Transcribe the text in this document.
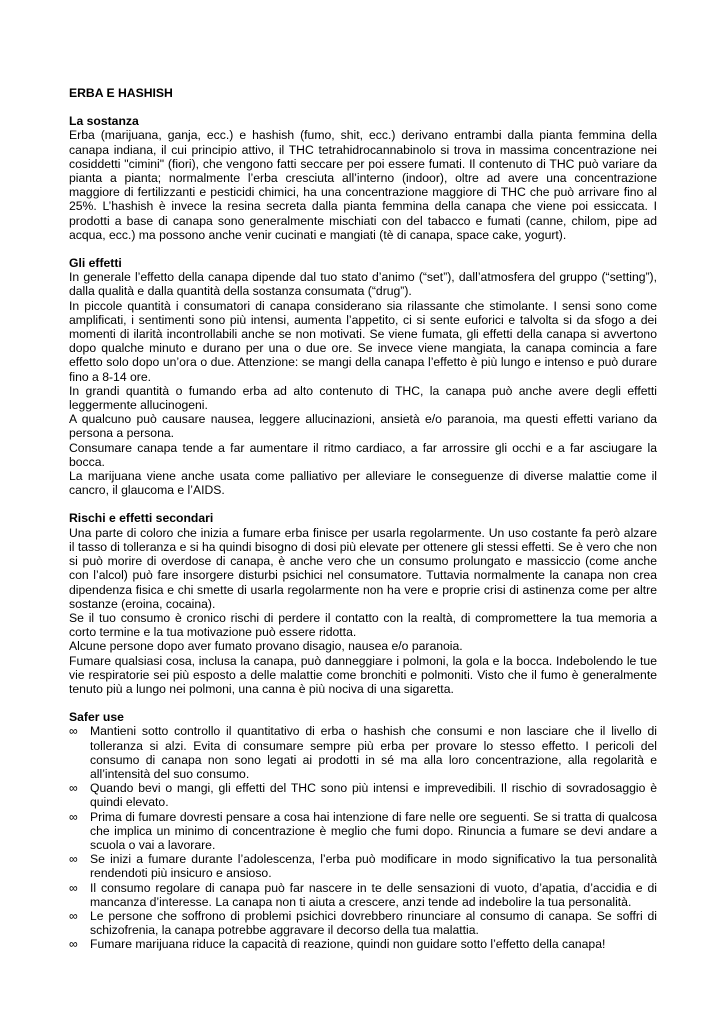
ERBA E HASHISH
La sostanza

Erba (marijuana, ganja, ecc.) e hashish (fumo, shit, ecc.) derivano entrambi dalla pianta femmina della canapa indiana, il cui principio attivo, il THC tetrahidrocannabinolo si trova in massima concentrazione nei cosiddetti "cimini" (fiori), che vengono fatti seccare per poi essere fumati. Il contenuto di THC può variare da pianta a pianta; normalmente l’erba cresciuta all’interno (indoor), oltre ad avere una concentrazione maggiore di fertilizzanti e pesticidi chimici, ha una concentrazione maggiore di THC che può arrivare fino al 25%. L’hashish è invece la resina secreta dalla pianta femmina della canapa che viene poi essiccata. I prodotti a base di canapa sono generalmente mischiati con del tabacco e fumati (canne, chilom, pipe ad acqua, ecc.) ma possono anche venir cucinati e mangiati (tè di canapa, space cake, yogurt).

Gli effetti

In generale l’effetto della canapa dipende dal tuo stato d’animo (“set”), dall’atmosfera del gruppo (“setting”), dalla qualità e dalla quantità della sostanza consumata (“drug”).

In piccole quantità i consumatori di canapa considerano sia rilassante che stimolante. I sensi sono come amplificati, i sentimenti sono più intensi, aumenta l’appetito, ci si sente euforici e talvolta si da sfogo a dei momenti di ilarità incontrollabili anche se non motivati. Se viene fumata, gli effetti della canapa si avvertono dopo qualche minuto e durano per una o due ore. Se invece viene mangiata, la canapa comincia a fare effetto solo dopo un’ora o due. Attenzione: se mangi della canapa l’effetto è più lungo e intenso e può durare fino a 8-14 ore.

In grandi quantità o fumando erba ad alto contenuto di THC, la canapa può anche avere degli effetti leggermente allucinogeni.

A qualcuno può causare nausea, leggere allucinazioni, ansietà e/o paranoia, ma questi effetti variano da persona a persona.

Consumare canapa tende a far aumentare il ritmo cardiaco, a far arrossire gli occhi e a far asciugare la bocca.

La marijuana viene anche usata come palliativo per alleviare le conseguenze di diverse malattie come il cancro, il glaucoma e l’AIDS.

Rischi e effetti secondari

Una parte di coloro che inizia a fumare erba finisce per usarla regolarmente. Un uso costante fa però alzare il tasso di tolleranza e si ha quindi bisogno di dosi più elevate per ottenere gli stessi effetti. Se è vero che non si può morire di overdose di canapa, è anche vero che un consumo prolungato e massiccio (come anche con l’alcol) può fare insorgere disturbi psichici nel consumatore. Tuttavia normalmente la canapa non crea dipendenza fisica e chi smette di usarla regolarmente non ha vere e proprie crisi di astinenza come per altre sostanze (eroina, cocaina).

Se il tuo consumo è cronico rischi di perdere il contatto con la realtà, di compromettere la tua memoria a corto termine e la tua motivazione può essere ridotta.

Alcune persone dopo aver fumato provano disagio, nausea e/o paranoia.

Fumare qualsiasi cosa, inclusa la canapa, può danneggiare i polmoni, la gola e la bocca. Indebolendo le tue vie respiratorie sei più esposto a delle malattie come bronchiti e polmoniti. Visto che il fumo è generalmente tenuto più a lungo nei polmoni, una canna è più nociva di una sigaretta.

Safer use
∞ Mantieni sotto controllo il quantitativo di erba o hashish che consumi e non lasciare che il livello di tolleranza si alzi. Evita di consumare sempre più erba per provare lo stesso effetto. I pericoli del consumo di canapa non sono legati ai prodotti in sé ma alla loro concentrazione, alla regolarità e all’intensità del suo consumo.
∞ Quando bevi o mangi, gli effetti del THC sono più intensi e imprevedibili. Il rischio di sovradosaggio è quindi elevato.
∞ Prima di fumare dovresti pensare a cosa hai intenzione di fare nelle ore seguenti. Se si tratta di qualcosa che implica un minimo di concentrazione è meglio che fumi dopo. Rinuncia a fumare se devi andare a scuola o vai a lavorare.
∞ Se inizi a fumare durante l’adolescenza, l’erba può modificare in modo significativo la tua personalità rendendoti più insicuro e ansioso.
∞ Il consumo regolare di canapa può far nascere in te delle sensazioni di vuoto, d’apatia, d’accidia e di mancanza d’interesse. La canapa non ti aiuta a crescere, anzi tende ad indebolire la tua personalità.
∞ Le persone che soffrono di problemi psichici dovrebbero rinunciare al consumo di canapa. Se soffri di schizofrenia, la canapa potrebbe aggravare il decorso della tua malattia.
∞ Fumare marijuana riduce la capacità di reazione, quindi non guidare sotto l’effetto della canapa!
